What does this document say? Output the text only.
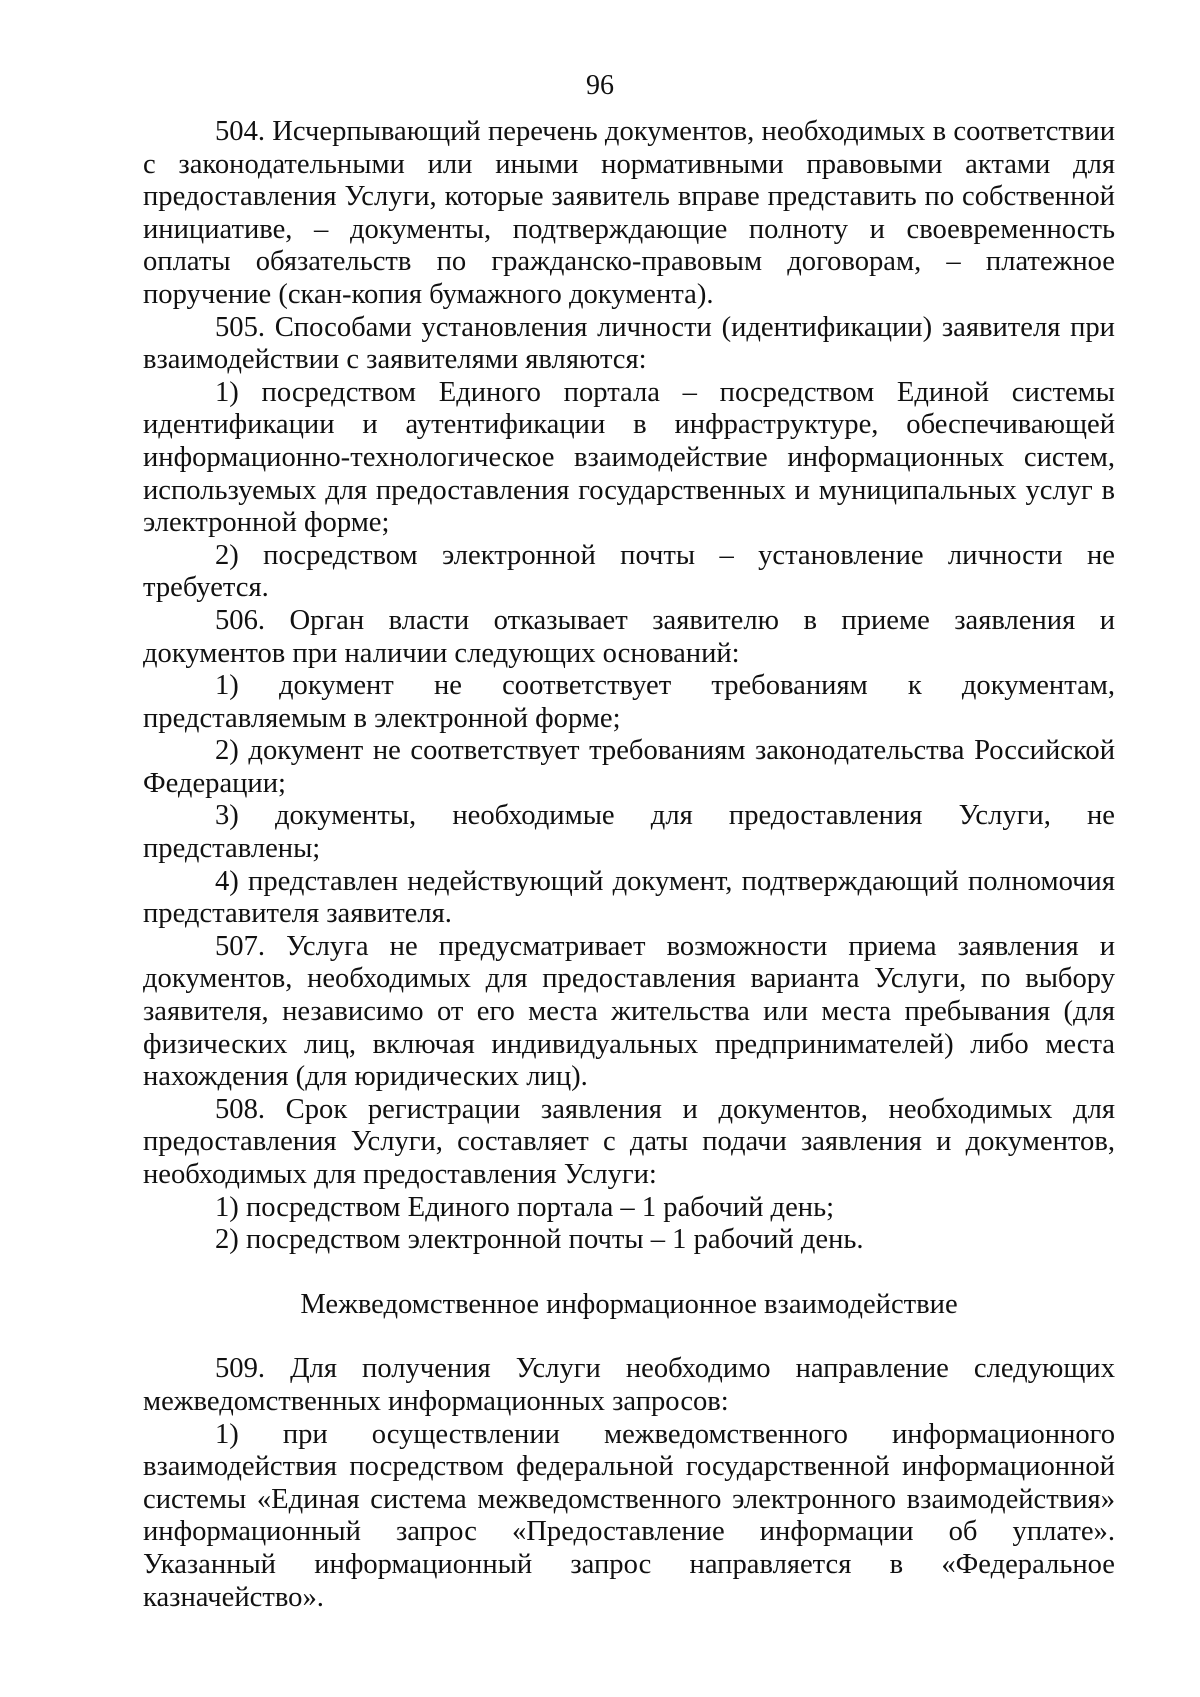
96

504. Исчерпывающий перечень документов, необходимых в соответствии с законодательными или иными нормативными правовыми актами для предоставления Услуги, которые заявитель вправе представить по собственной инициативе, – документы, подтверждающие полноту и своевременность оплаты обязательств по гражданско-правовым договорам, – платежное поручение (скан-копия бумажного документа).

505. Способами установления личности (идентификации) заявителя при взаимодействии с заявителями являются:

1) посредством Единого портала – посредством Единой системы идентификации и аутентификации в инфраструктуре, обеспечивающей информационно-технологическое взаимодействие информационных систем, используемых для предоставления государственных и муниципальных услуг в электронной форме;

2) посредством электронной почты – установление личности не требуется.

506. Орган власти отказывает заявителю в приеме заявления и документов при наличии следующих оснований:

1) документ не соответствует требованиям к документам, представляемым в электронной форме;

2) документ не соответствует требованиям законодательства Российской Федерации;

3) документы, необходимые для предоставления Услуги, не представлены;

4) представлен недействующий документ, подтверждающий полномочия представителя заявителя.

507. Услуга не предусматривает возможности приема заявления и документов, необходимых для предоставления варианта Услуги, по выбору заявителя, независимо от его места жительства или места пребывания (для физических лиц, включая индивидуальных предпринимателей) либо места нахождения (для юридических лиц).

508. Срок регистрации заявления и документов, необходимых для предоставления Услуги, составляет с даты подачи заявления и документов, необходимых для предоставления Услуги:

1) посредством Единого портала – 1 рабочий день;

2) посредством электронной почты – 1 рабочий день.

Межведомственное информационное взаимодействие

509. Для получения Услуги необходимо направление следующих межведомственных информационных запросов:

1) при осуществлении межведомственного информационного взаимодействия посредством федеральной государственной информационной системы «Единая система межведомственного электронного взаимодействия» информационный запрос «Предоставление информации об уплате». Указанный информационный запрос направляется в «Федеральное казначейство».
